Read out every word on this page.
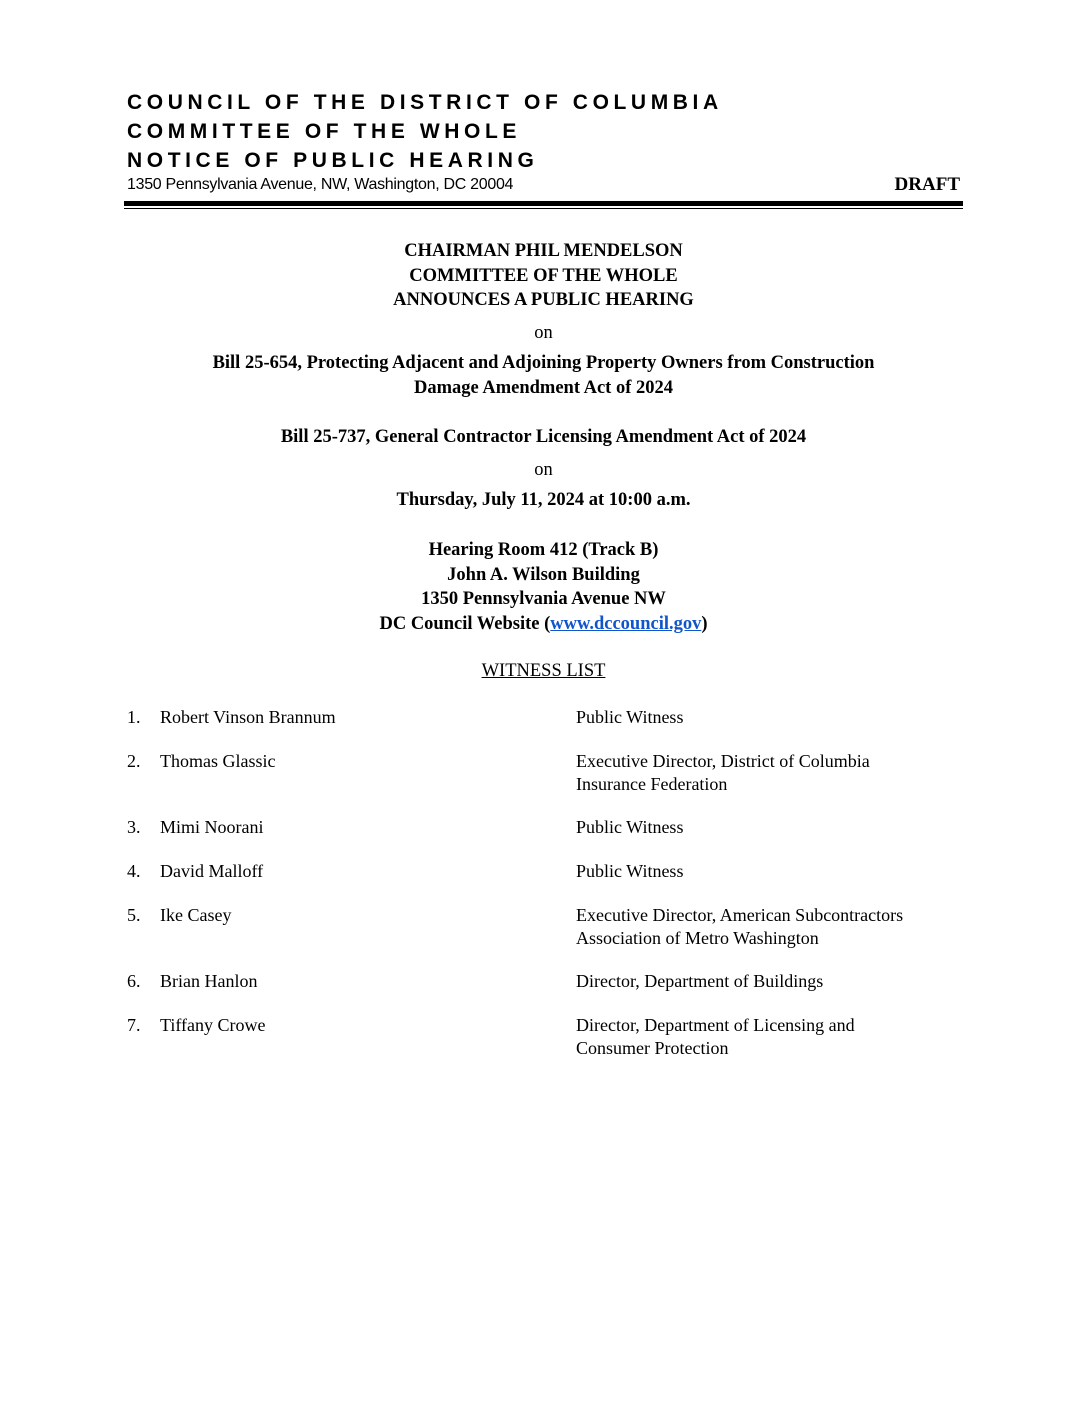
COUNCIL OF THE DISTRICT OF COLUMBIA
COMMITTEE OF THE WHOLE
NOTICE OF PUBLIC HEARING
1350 Pennsylvania Avenue, NW, Washington, DC 20004	DRAFT
CHAIRMAN PHIL MENDELSON
COMMITTEE OF THE WHOLE
ANNOUNCES A PUBLIC HEARING
on
Bill 25-654, Protecting Adjacent and Adjoining Property Owners from Construction
Damage Amendment Act of 2024
Bill 25-737, General Contractor Licensing Amendment Act of 2024
on
Thursday, July 11, 2024 at 10:00 a.m.
Hearing Room 412 (Track B)
John A. Wilson Building
1350 Pennsylvania Avenue NW
DC Council Website (www.dccouncil.gov)
WITNESS LIST
1. Robert Vinson Brannum	Public Witness
2. Thomas Glassic	Executive Director, District of Columbia
Insurance Federation
3. Mimi Noorani	Public Witness
4. David Malloff	Public Witness
5. Ike Casey	Executive Director, American Subcontractors
Association of Metro Washington
6. Brian Hanlon	Director, Department of Buildings
7. Tiffany Crowe	Director, Department of Licensing and
Consumer Protection
